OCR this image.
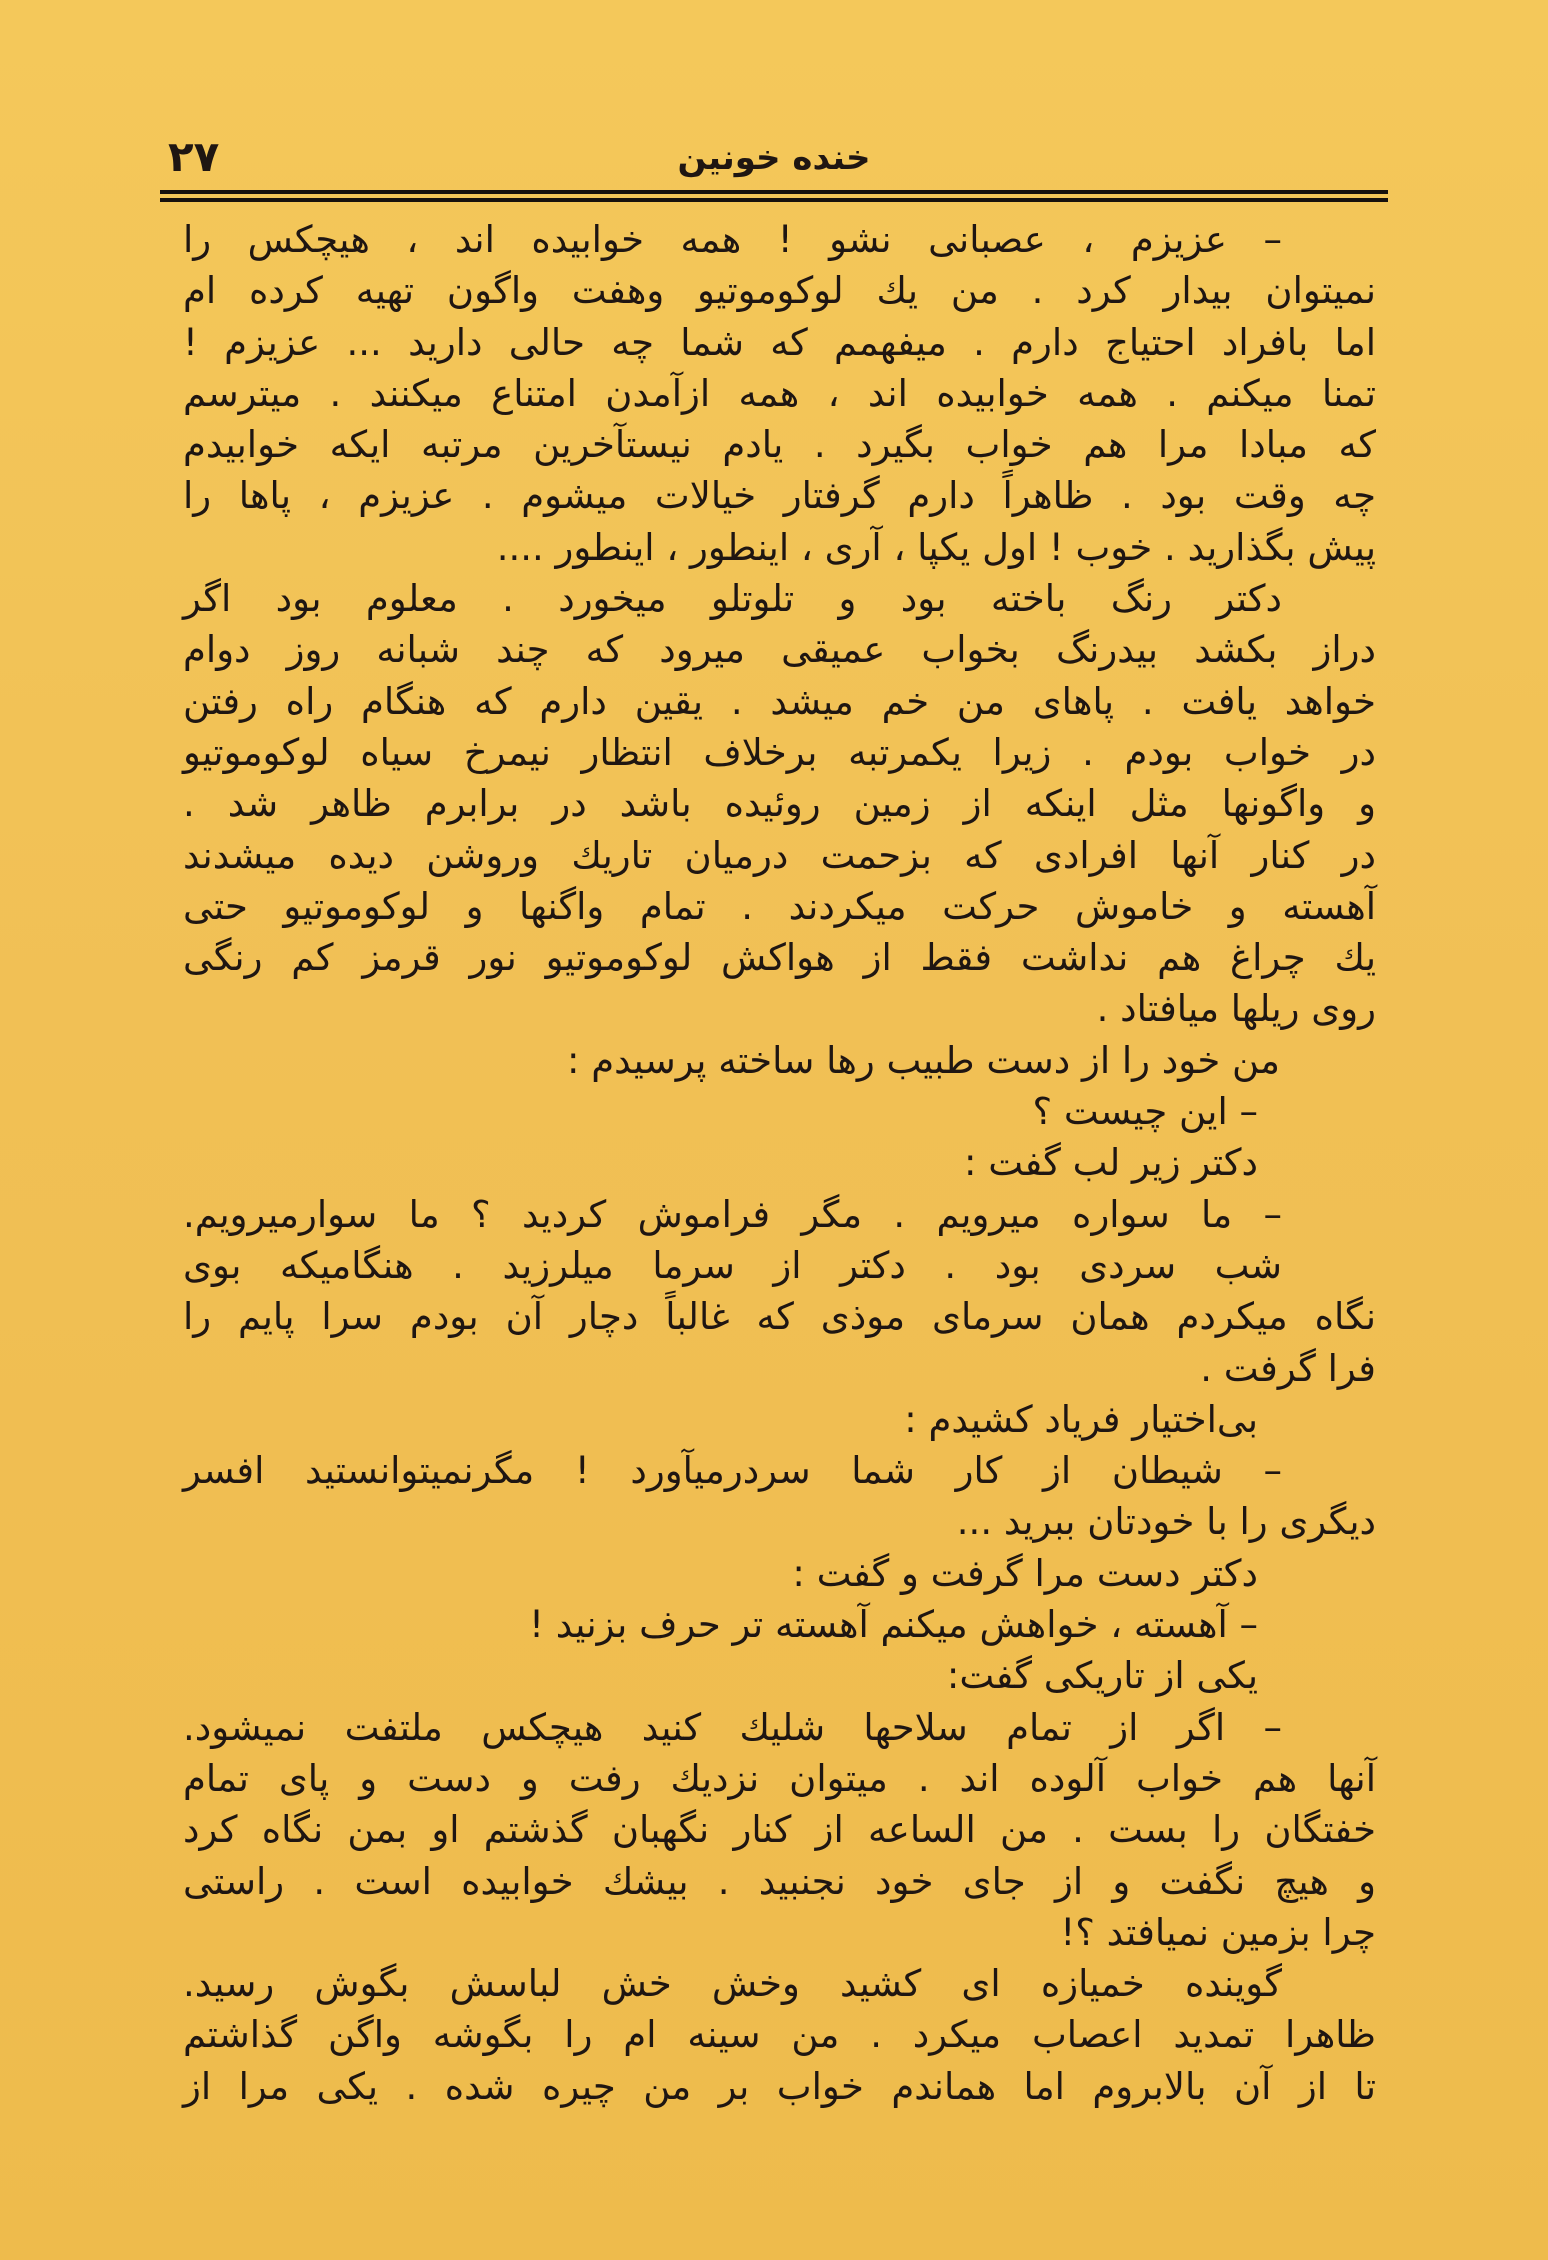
خنده خونین
۲۷
– عزیزم ، عصبانی نشو ! همه خوابیده اند ، هیچکس را
نمیتوان بیدار کرد . من یك لوکوموتیو وهفت واگون تهیه کرده ام
اما بافراد احتیاج دارم . میفهمم که شما چه حالی دارید ... عزیزم !
تمنا میکنم . همه خوابیده اند ، همه ازآمدن امتناع میکنند . میترسم
که مبادا مرا هم خواب بگیرد . یادم نیستآخرین مرتبه ایکه خوابیدم
چه وقت بود . ظاهراً دارم گرفتار خیالات میشوم . عزیزم ، پاها را
پیش بگذارید . خوب ! اول یکپا ، آری ، اینطور ، اینطور ....
دکتر رنگ باخته بود و تلوتلو میخورد . معلوم بود اگر
دراز بکشد بیدرنگ بخواب عمیقی میرود که چند شبانه روز دوام
خواهد یافت . پاهای من خم میشد . یقین دارم که هنگام راه رفتن
در خواب بودم . زیرا یکمرتبه برخلاف انتظار نیمرخ سیاه لوکوموتیو
و واگونها مثل اینکه از زمین روئیده باشد در برابرم ظاهر شد .
در کنار آنها افرادی که بزحمت درمیان تاریك وروشن دیده میشدند
آهسته و خاموش حرکت میکردند . تمام واگنها و لوکوموتیو حتی
یك چراغ هم نداشت فقط از هواکش لوکوموتیو نور قرمز کم رنگی
روی ریلها میافتاد .
من خود را از دست طبیب رها ساخته پرسیدم :
– این چیست ؟
دکتر زیر لب گفت :
– ما سواره میرویم . مگر فراموش کردید ؟ ما سوارمیرویم.
شب سردی بود . دکتر از سرما میلرزید . هنگامیکه بوی
نگاه میکردم همان سرمای موذی که غالباً دچار آن بودم سرا پایم را
فرا گرفت .
بی‌اختیار فریاد کشیدم :
– شیطان از کار شما سردرمیآورد ! مگرنمیتوانستید افسر
دیگری را با خودتان ببرید ...
دکتر دست مرا گرفت و گفت :
– آهسته ، خواهش میکنم آهسته تر حرف بزنید !
یکی از تاریکی گفت:
– اگر از تمام سلاحها شلیك کنید هیچکس ملتفت نمیشود.
آنها هم خواب آلوده اند . میتوان نزدیك رفت و دست و پای تمام
خفتگان را بست . من الساعه از کنار نگهبان گذشتم او بمن نگاه کرد
و هیچ نگفت و از جای خود نجنبید . بیشك خوابیده است . راستی
چرا بزمین نمیافتد ؟!
گوینده خمیازه ای کشید وخش خش لباسش بگوش رسید.
ظاهرا تمدید اعصاب میکرد . من سینه ام را بگوشه واگن گذاشتم
تا از آن بالابروم اما هماندم خواب بر من چیره شده . یکی مرا از
